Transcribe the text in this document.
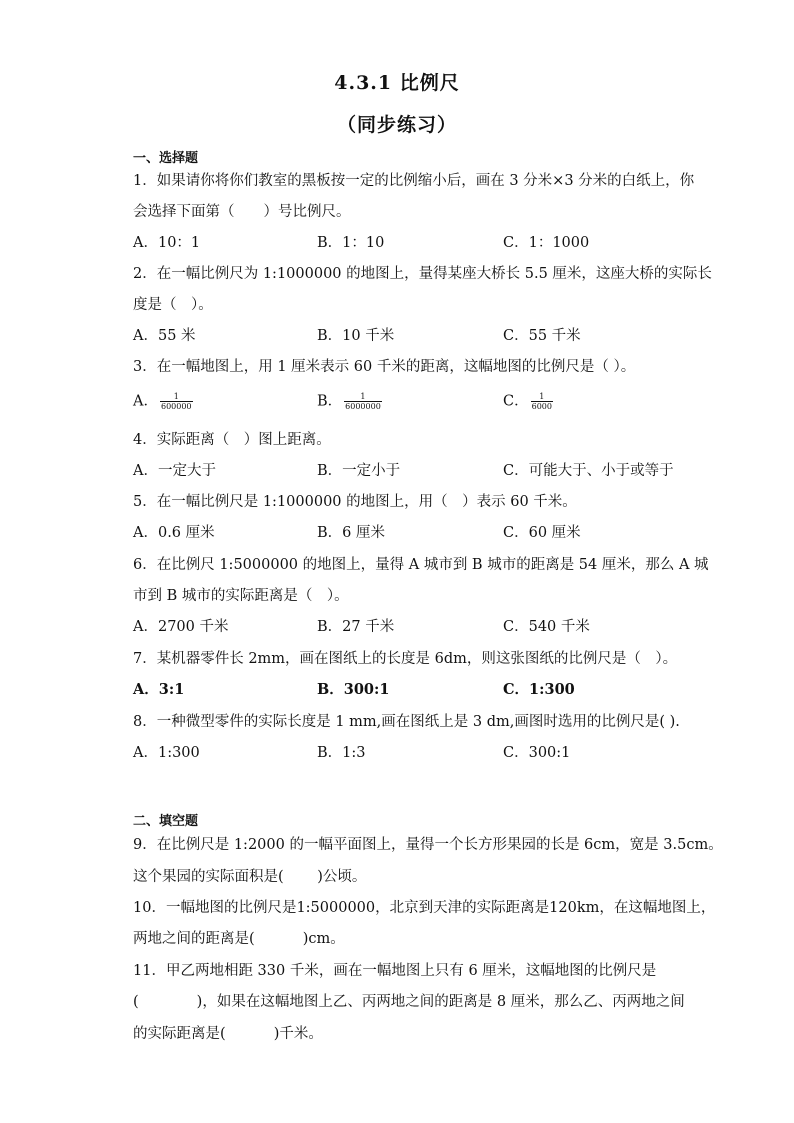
4.3.1 比例尺
（同步练习）
一、选择题
1．如果请你将你们教室的黑板按一定的比例缩小后，画在 3 分米×3 分米的白纸上，你
会选择下面第（　　）号比例尺。
A．10：1	B．1：10	C．1：1000
2．在一幅比例尺为 1:1000000 的地图上，量得某座大桥长 5.5 厘米，这座大桥的实际长
度是（　）。
A．55 米	B．10 千米	C．55 千米
3．在一幅地图上，用 1 厘米表示 60 千米的距离，这幅地图的比例尺是（ ）。
A． $\frac{1}{600000}$	B． $\frac{1}{6000000}$	C． $\frac{1}{6000}$
4．实际距离（　）图上距离。
A．一定大于	B．一定小于	C．可能大于、小于或等于
5．在一幅比例尺是 1:1000000 的地图上，用（　）表示 60 千米。
A．0.6 厘米	B．6 厘米	C．60 厘米
6．在比例尺 1:5000000 的地图上，量得 A 城市到 B 城市的距离是 54 厘米，那么 A 城
市到 B 城市的实际距离是（　）。
A．2700 千米	B．27 千米	C．540 千米
7．某机器零件长 2mm，画在图纸上的长度是 6dm，则这张图纸的比例尺是（　）。
A．3:1	B．300:1	C．1:300
8．一种微型零件的实际长度是 1 mm,画在图纸上是 3 dm,画图时选用的比例尺是( ).
A．1:300	B．1:3	C．300:1
二、填空题
9．在比例尺是 1:2000 的一幅平面图上，量得一个长方形果园的长是 6cm，宽是 3.5cm。
这个果园的实际面积是(　　 )公顷。
10．一幅地图的比例尺是1:5000000，北京到天津的实际距离是120km，在这幅地图上，
两地之间的距离是(　　　 )cm。
11．甲乙两地相距 330 千米，画在一幅地图上只有 6 厘米，这幅地图的比例尺是
(　　　　)，如果在这幅地图上乙、丙两地之间的距离是 8 厘米，那么乙、丙两地之间
的实际距离是(　　　 )千米。
